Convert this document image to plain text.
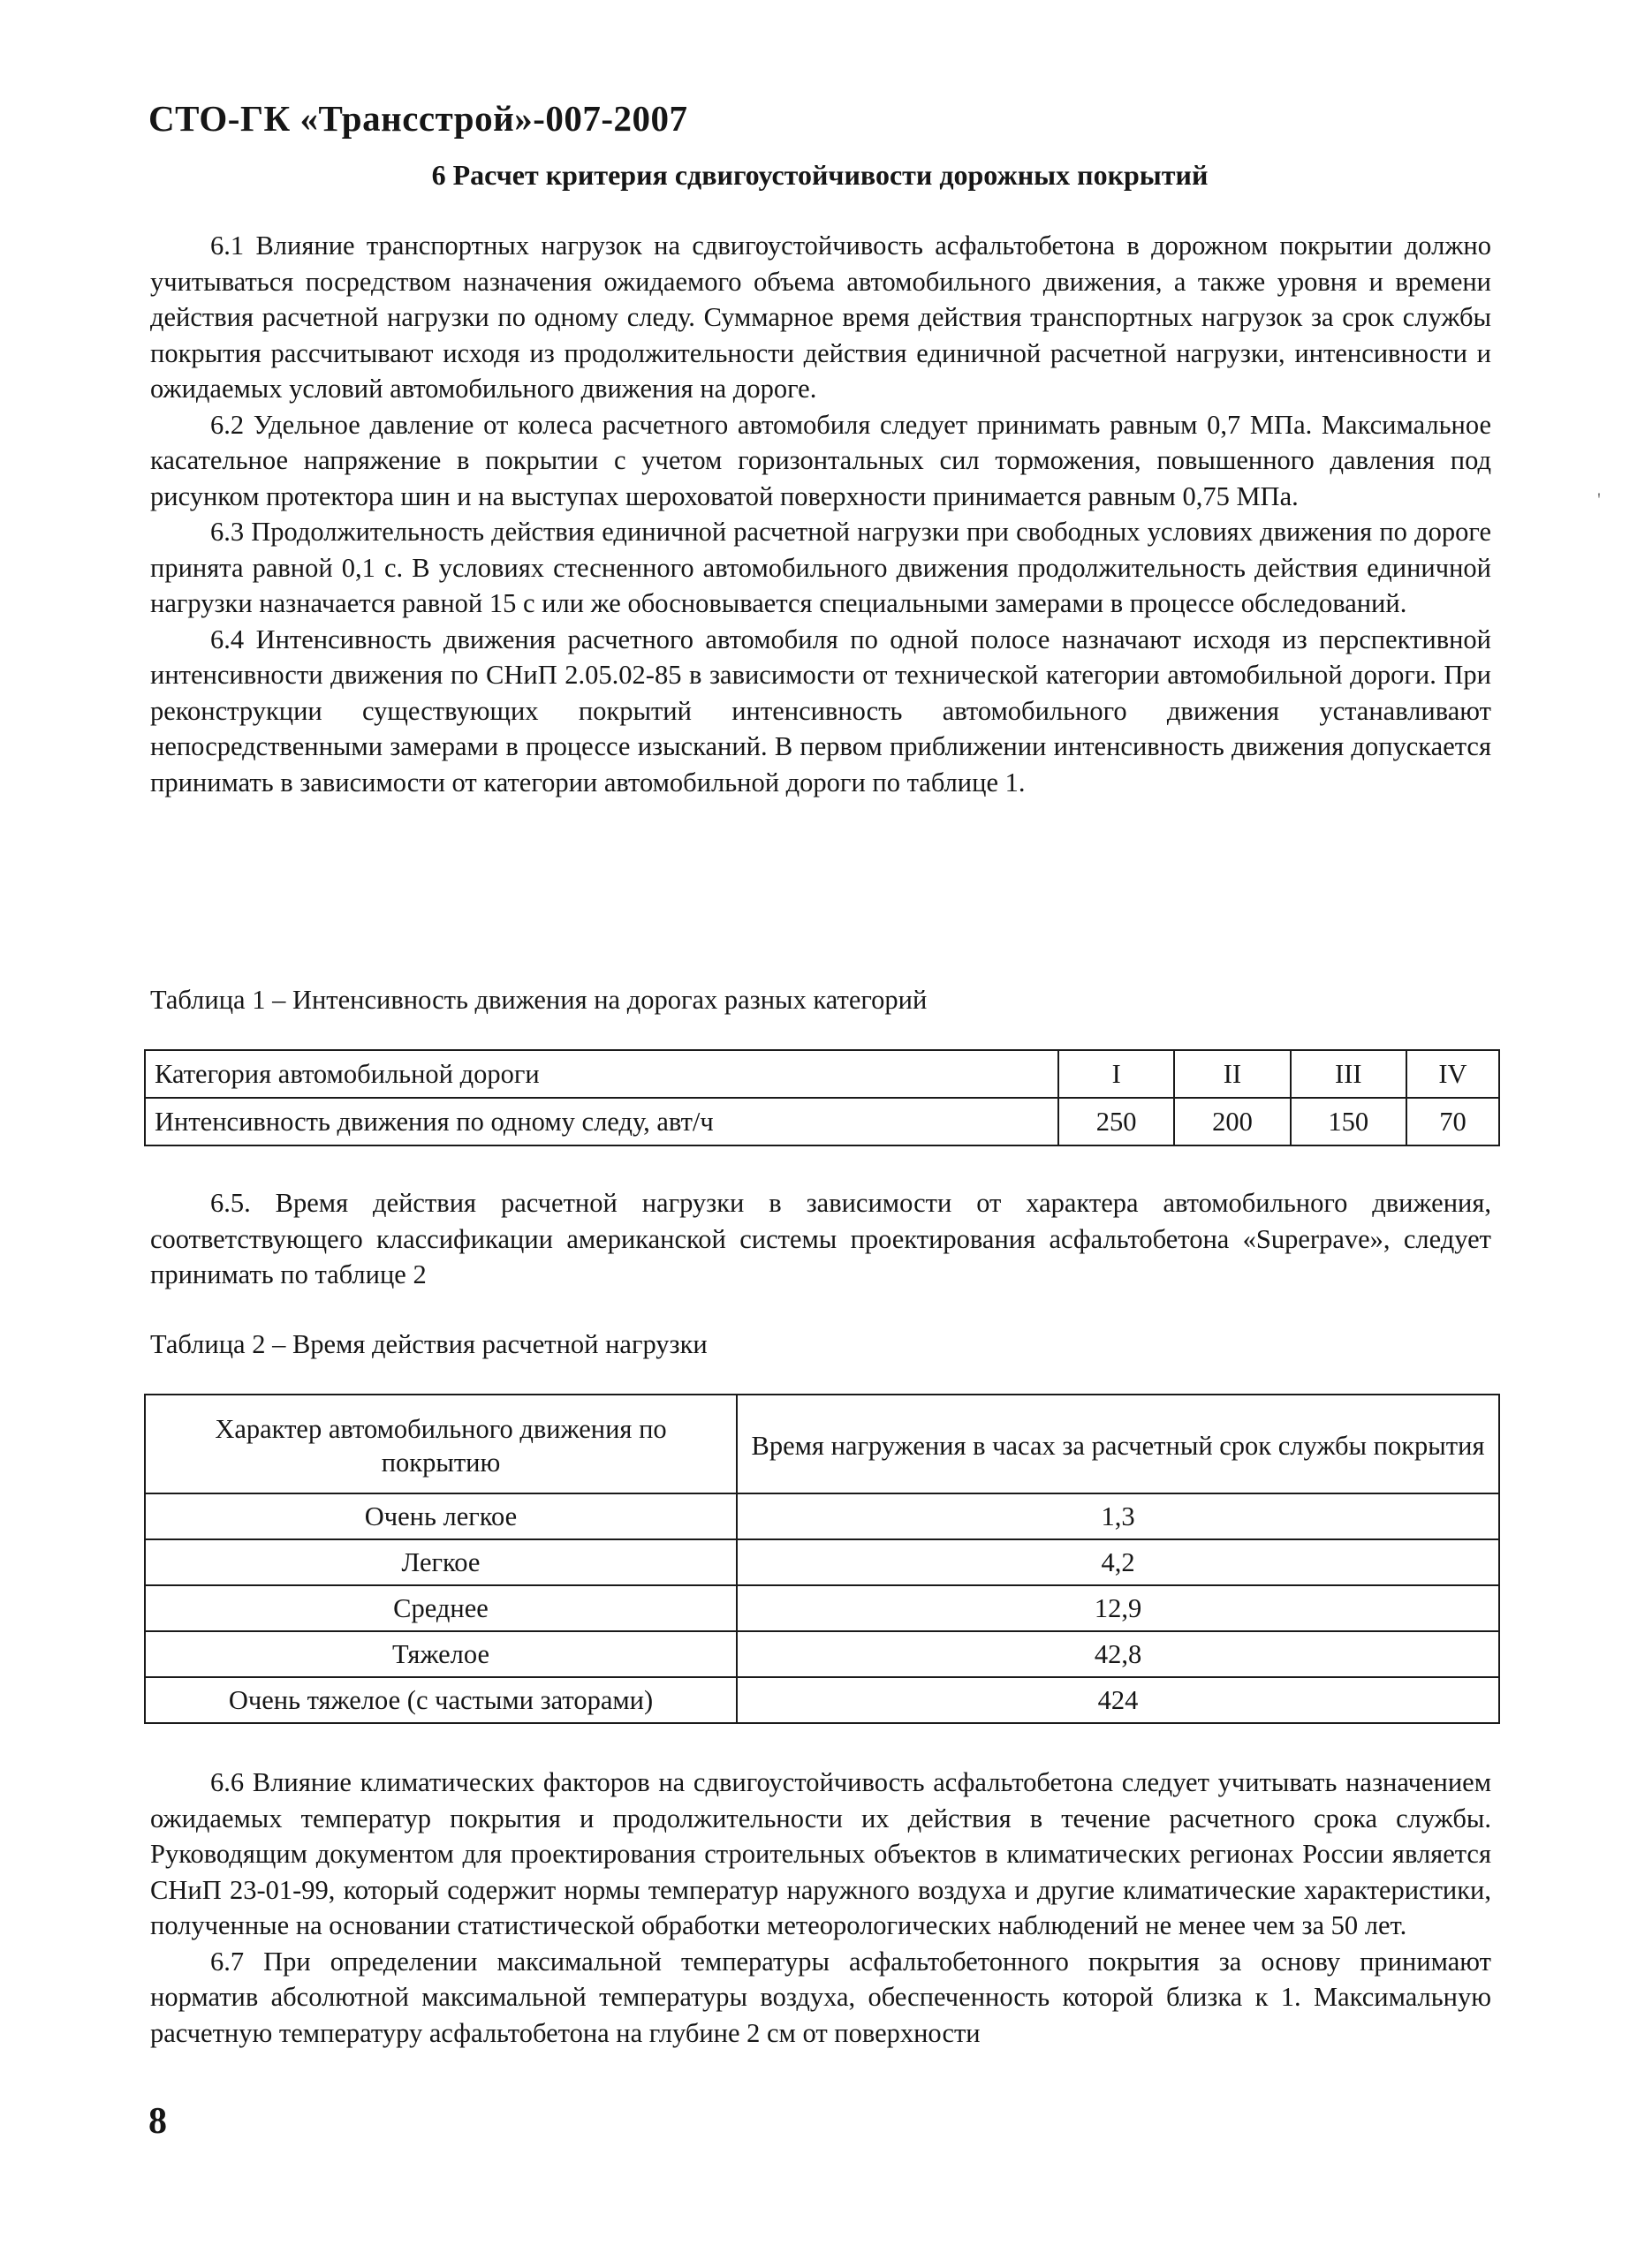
СТО-ГК «Трансстрой»-007-2007
6 Расчет критерия сдвигоустойчивости дорожных покрытий

6.1 Влияние транспортных нагрузок на сдвигоустойчивость асфальтобетона в дорожном покрытии должно учитываться посредством назначения ожидаемого объема автомобильного движения, а также уровня и времени действия расчетной нагрузки по одному следу. Суммарное время действия транспортных нагрузок за срок службы покрытия рассчитывают исходя из продолжительности действия единичной расчетной нагрузки, интенсивности и ожидаемых условий автомобильного движения на дороге.

6.2 Удельное давление от колеса расчетного автомобиля следует принимать равным 0,7 МПа. Максимальное касательное напряжение в покрытии с учетом горизонтальных сил торможения, повышенного давления под рисунком протектора шин и на выступах шероховатой поверхности принимается равным 0,75 МПа.

6.3 Продолжительность действия единичной расчетной нагрузки при свободных условиях движения по дороге принята равной 0,1 с. В условиях стесненного автомобильного движения продолжительность действия единичной нагрузки назначается равной 15 с или же обосновывается специальными замерами в процессе обследований.

6.4 Интенсивность движения расчетного автомобиля по одной полосе назначают исходя из перспективной интенсивности движения по СНиП 2.05.02-85 в зависимости от технической категории автомобильной дороги. При реконструкции существующих покрытий интенсивность автомобильного движения устанавливают непосредственными замерами в процессе изысканий. В первом приближении интенсивность движения допускается принимать в зависимости от категории автомобильной дороги по таблице 1.

Таблица 1 – Интенсивность движения на дорогах разных категорий
Категория автомобильной дороги	I	II	III	IV
Интенсивность движения по одному следу, авт/ч	250	200	150	70

6.5. Время действия расчетной нагрузки в зависимости от характера автомобильного движения, соответствующего классификации американской системы проектирования асфальтобетона «Superpave», следует принимать по таблице 2

Таблица 2 – Время действия расчетной нагрузки
Характер автомобильного движения по покрытию	Время нагружения в часах за расчетный срок службы покрытия
Очень легкое	1,3
Легкое	4,2
Среднее	12,9
Тяжелое	42,8
Очень тяжелое (с частыми заторами)	424

6.6 Влияние климатических факторов на сдвигоустойчивость асфальтобетона следует учитывать назначением ожидаемых температур покрытия и продолжительности их действия в течение расчетного срока службы. Руководящим документом для проектирования строительных объектов в климатических регионах России является СНиП 23-01-99, который содержит нормы температур наружного воздуха и другие климатические характеристики, полученные на основании статистической обработки метеорологических наблюдений не менее чем за 50 лет.

6.7 При определении максимальной температуры асфальтобетонного покрытия за основу принимают норматив абсолютной максимальной температуры воздуха, обеспеченность которой близка к 1. Максимальную расчетную температуру асфальтобетона на глубине 2 см от поверхности

8
'
